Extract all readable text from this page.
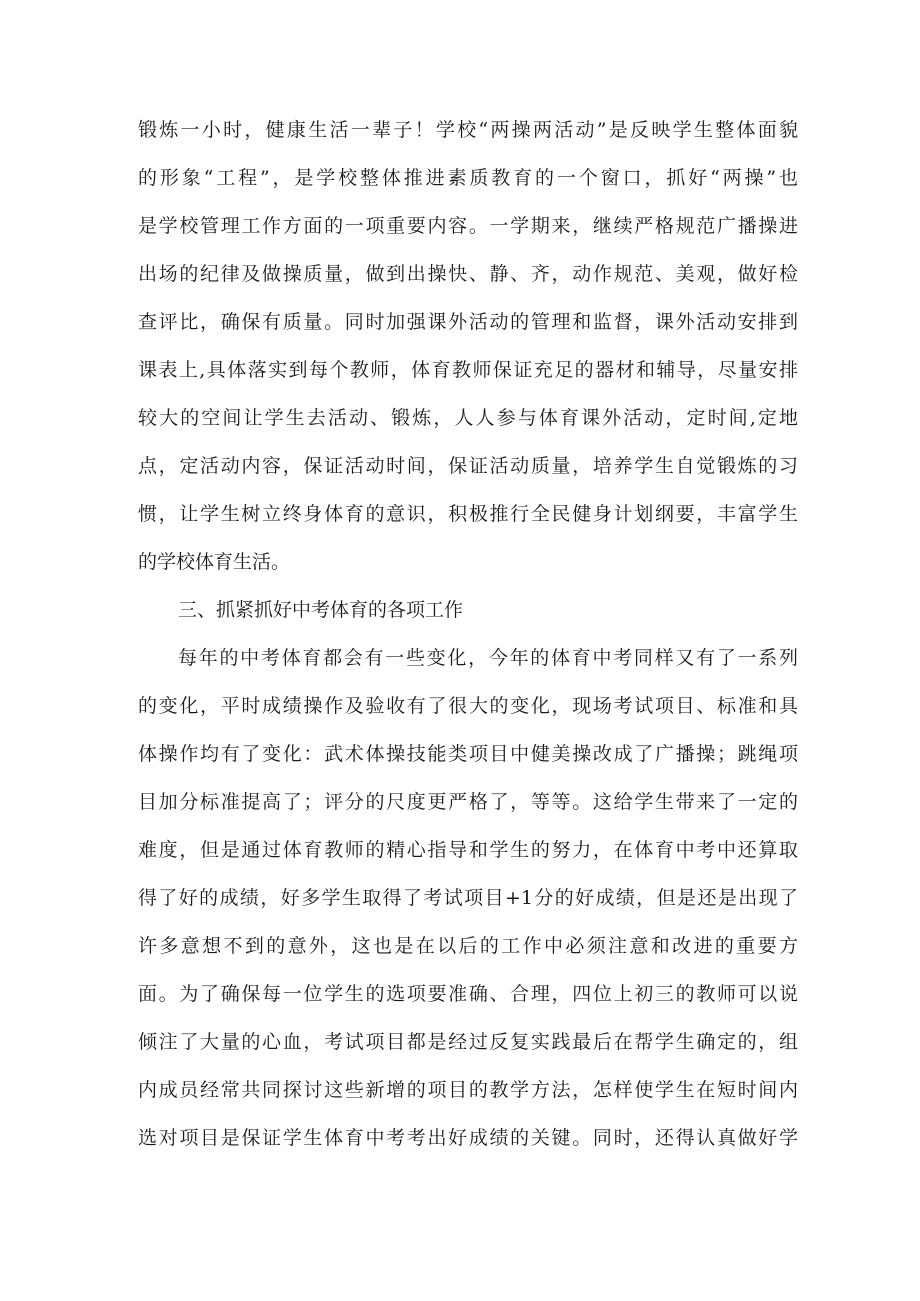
锻炼一小时，健康生活一辈子！学校“两操两活动”是反映学生整体面貌
的形象“工程”，是学校整体推进素质教育的一个窗口，抓好“两操”也
是学校管理工作方面的一项重要内容。一学期来，继续严格规范广播操进
出场的纪律及做操质量，做到出操快、静、齐，动作规范、美观，做好检
查评比，确保有质量。同时加强课外活动的管理和监督，课外活动安排到
课表上,具体落实到每个教师，体育教师保证充足的器材和辅导，尽量安排
较大的空间让学生去活动、锻炼，人人参与体育课外活动，定时间,定地
点，定活动内容，保证活动时间，保证活动质量，培养学生自觉锻炼的习
惯，让学生树立终身体育的意识，积极推行全民健身计划纲要，丰富学生
的学校体育生活。
三、抓紧抓好中考体育的各项工作
每年的中考体育都会有一些变化，今年的体育中考同样又有了一系列
的变化，平时成绩操作及验收有了很大的变化，现场考试项目、标准和具
体操作均有了变化：武术体操技能类项目中健美操改成了广播操；跳绳项
目加分标准提高了；评分的尺度更严格了，等等。这给学生带来了一定的
难度，但是通过体育教师的精心指导和学生的努力，在体育中考中还算取
得了好的成绩，好多学生取得了考试项目+1分的好成绩，但是还是出现了
许多意想不到的意外，这也是在以后的工作中必须注意和改进的重要方
面。为了确保每一位学生的选项要准确、合理，四位上初三的教师可以说
倾注了大量的心血，考试项目都是经过反复实践最后在帮学生确定的，组
内成员经常共同探讨这些新增的项目的教学方法，怎样使学生在短时间内
选对项目是保证学生体育中考考出好成绩的关键。同时，还得认真做好学
